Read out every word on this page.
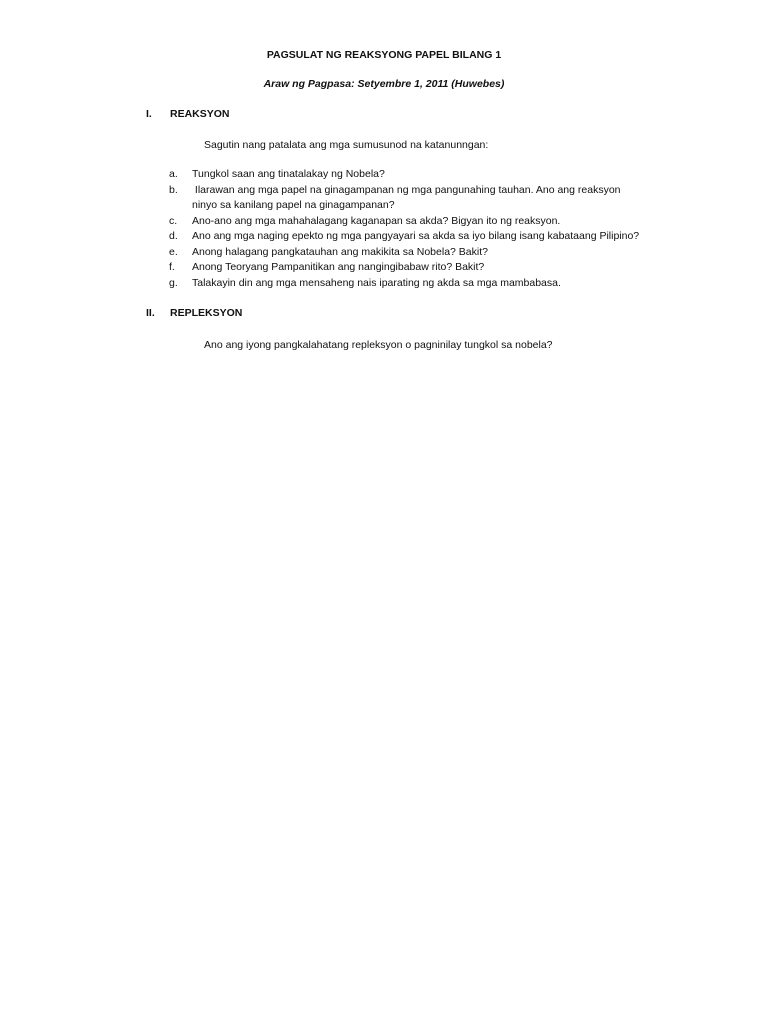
PAGSULAT NG REAKSYONG PAPEL BILANG 1
Araw ng Pagpasa: Setyembre 1, 2011 (Huwebes)
I. REAKSYON
Sagutin nang patalata ang mga sumusunod na katanunngan:
a.	Tungkol saan ang tinatalakay ng Nobela?
b.	Ilarawan ang mga papel na ginagampanan ng mga pangunahing tauhan. Ano ang reaksyon
ninyo sa kanilang papel na ginagampanan?
c.	Ano-ano ang mga mahahalagang kaganapan sa akda? Bigyan ito ng reaksyon.
d.	Ano ang mga naging epekto ng mga pangyayari sa akda sa iyo bilang isang kabataang Pilipino?
e.	Anong halagang pangkatauhan ang makikita sa Nobela? Bakit?
f.	Anong Teoryang Pampanitikan ang nangingibabaw rito? Bakit?
g.	Talakayin din ang mga mensaheng nais iparating ng akda sa mga mambabasa.
II. REPLEKSYON
Ano ang iyong pangkalahatang repleksyon o pagninilay tungkol sa nobela?
